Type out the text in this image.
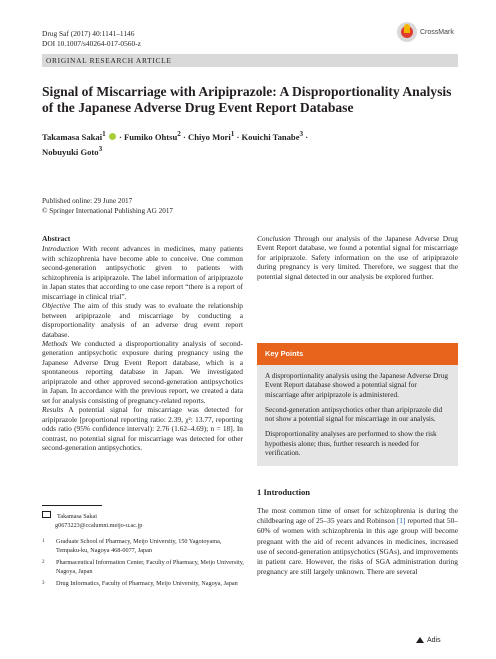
Drug Saf (2017) 40:1141–1146
DOI 10.1007/s40264-017-0560-z
CrossMark
ORIGINAL RESEARCH ARTICLE
Signal of Miscarriage with Aripiprazole: A Disproportionality Analysis of the Japanese Adverse Drug Event Report Database
Takamasa Sakai$^1$ · Fumiko Ohtsu$^2$ · Chiyo Mori$^1$ · Kouichi Tanabe$^3$ ·
Nobuyuki Goto$^3$
Published online: 29 June 2017
© Springer International Publishing AG 2017

Abstract

Introduction With recent advances in medicines, many patients with schizophrenia have become able to conceive. One common second-generation antipsychotic given to patients with schizophrenia is aripiprazole. The label information of aripiprazole in Japan states that according to one case report “there is a report of miscarriage in clinical trial”.

Objective The aim of this study was to evaluate the relationship between aripiprazole and miscarriage by conducting a disproportionality analysis of an adverse drug event report database.

Methods We conducted a disproportionality analysis of second-generation antipsychotic exposure during pregnancy using the Japanese Adverse Drug Event Report database, which is a spontaneous reporting database in Japan. We investigated aripiprazole and other approved second-generation antipsychotics in Japan. In accordance with the previous report, we created a data set for analysis consisting of pregnancy-related reports.

Results A potential signal for miscarriage was detected for aripiprazole [proportional reporting ratio: 2.39, χ²: 13.77, reporting odds ratio (95% confidence interval): 2.76 (1.62–4.69); n = 18]. In contrast, no potential signal for miscarriage was detected for other second-generation antipsychotics.

Conclusion Through our analysis of the Japanese Adverse Drug Event Report database, we found a potential signal for miscarriage for aripiprazole. Safety information on the use of aripiprazole during pregnancy is very limited. Therefore, we suggest that the potential signal detected in our analysis be explored further.

Key Points
A disproportionality analysis using the Japanese Adverse Drug Event Report database showed a potential signal for miscarriage after aripiprazole is administered.
Second-generation antipsychotics other than aripiprazole did not show a potential signal for miscarriage in our analysis.
Disproportionality analyses are performed to show the risk hypothesis alone; thus, further research is needed for verification.
1 Introduction
The most common time of onset for schizophrenia is during the childbearing age of 25–35 years and Robinson [1] reported that 50–60% of women with schizophrenia in this age group will become pregnant with the aid of recent advances in medicines, increased use of second-generation antipsychotics (SGAs), and improvements in patient care. However, the risks of SGA administration during pregnancy are still largely unknown. There are several
Takamasa Sakai
g0673223@ccalumni.meijo-u.ac.jp
1 Graduate School of Pharmacy, Meijo University, 150 Yagotoyama, Tempaku-ku, Nagoya 468-0077, Japan
2 Pharmaceutical Information Center, Faculty of Pharmacy, Meijo University, Nagoya, Japan
3 Drug Informatics, Faculty of Pharmacy, Meijo University, Nagoya, Japan
Adis
